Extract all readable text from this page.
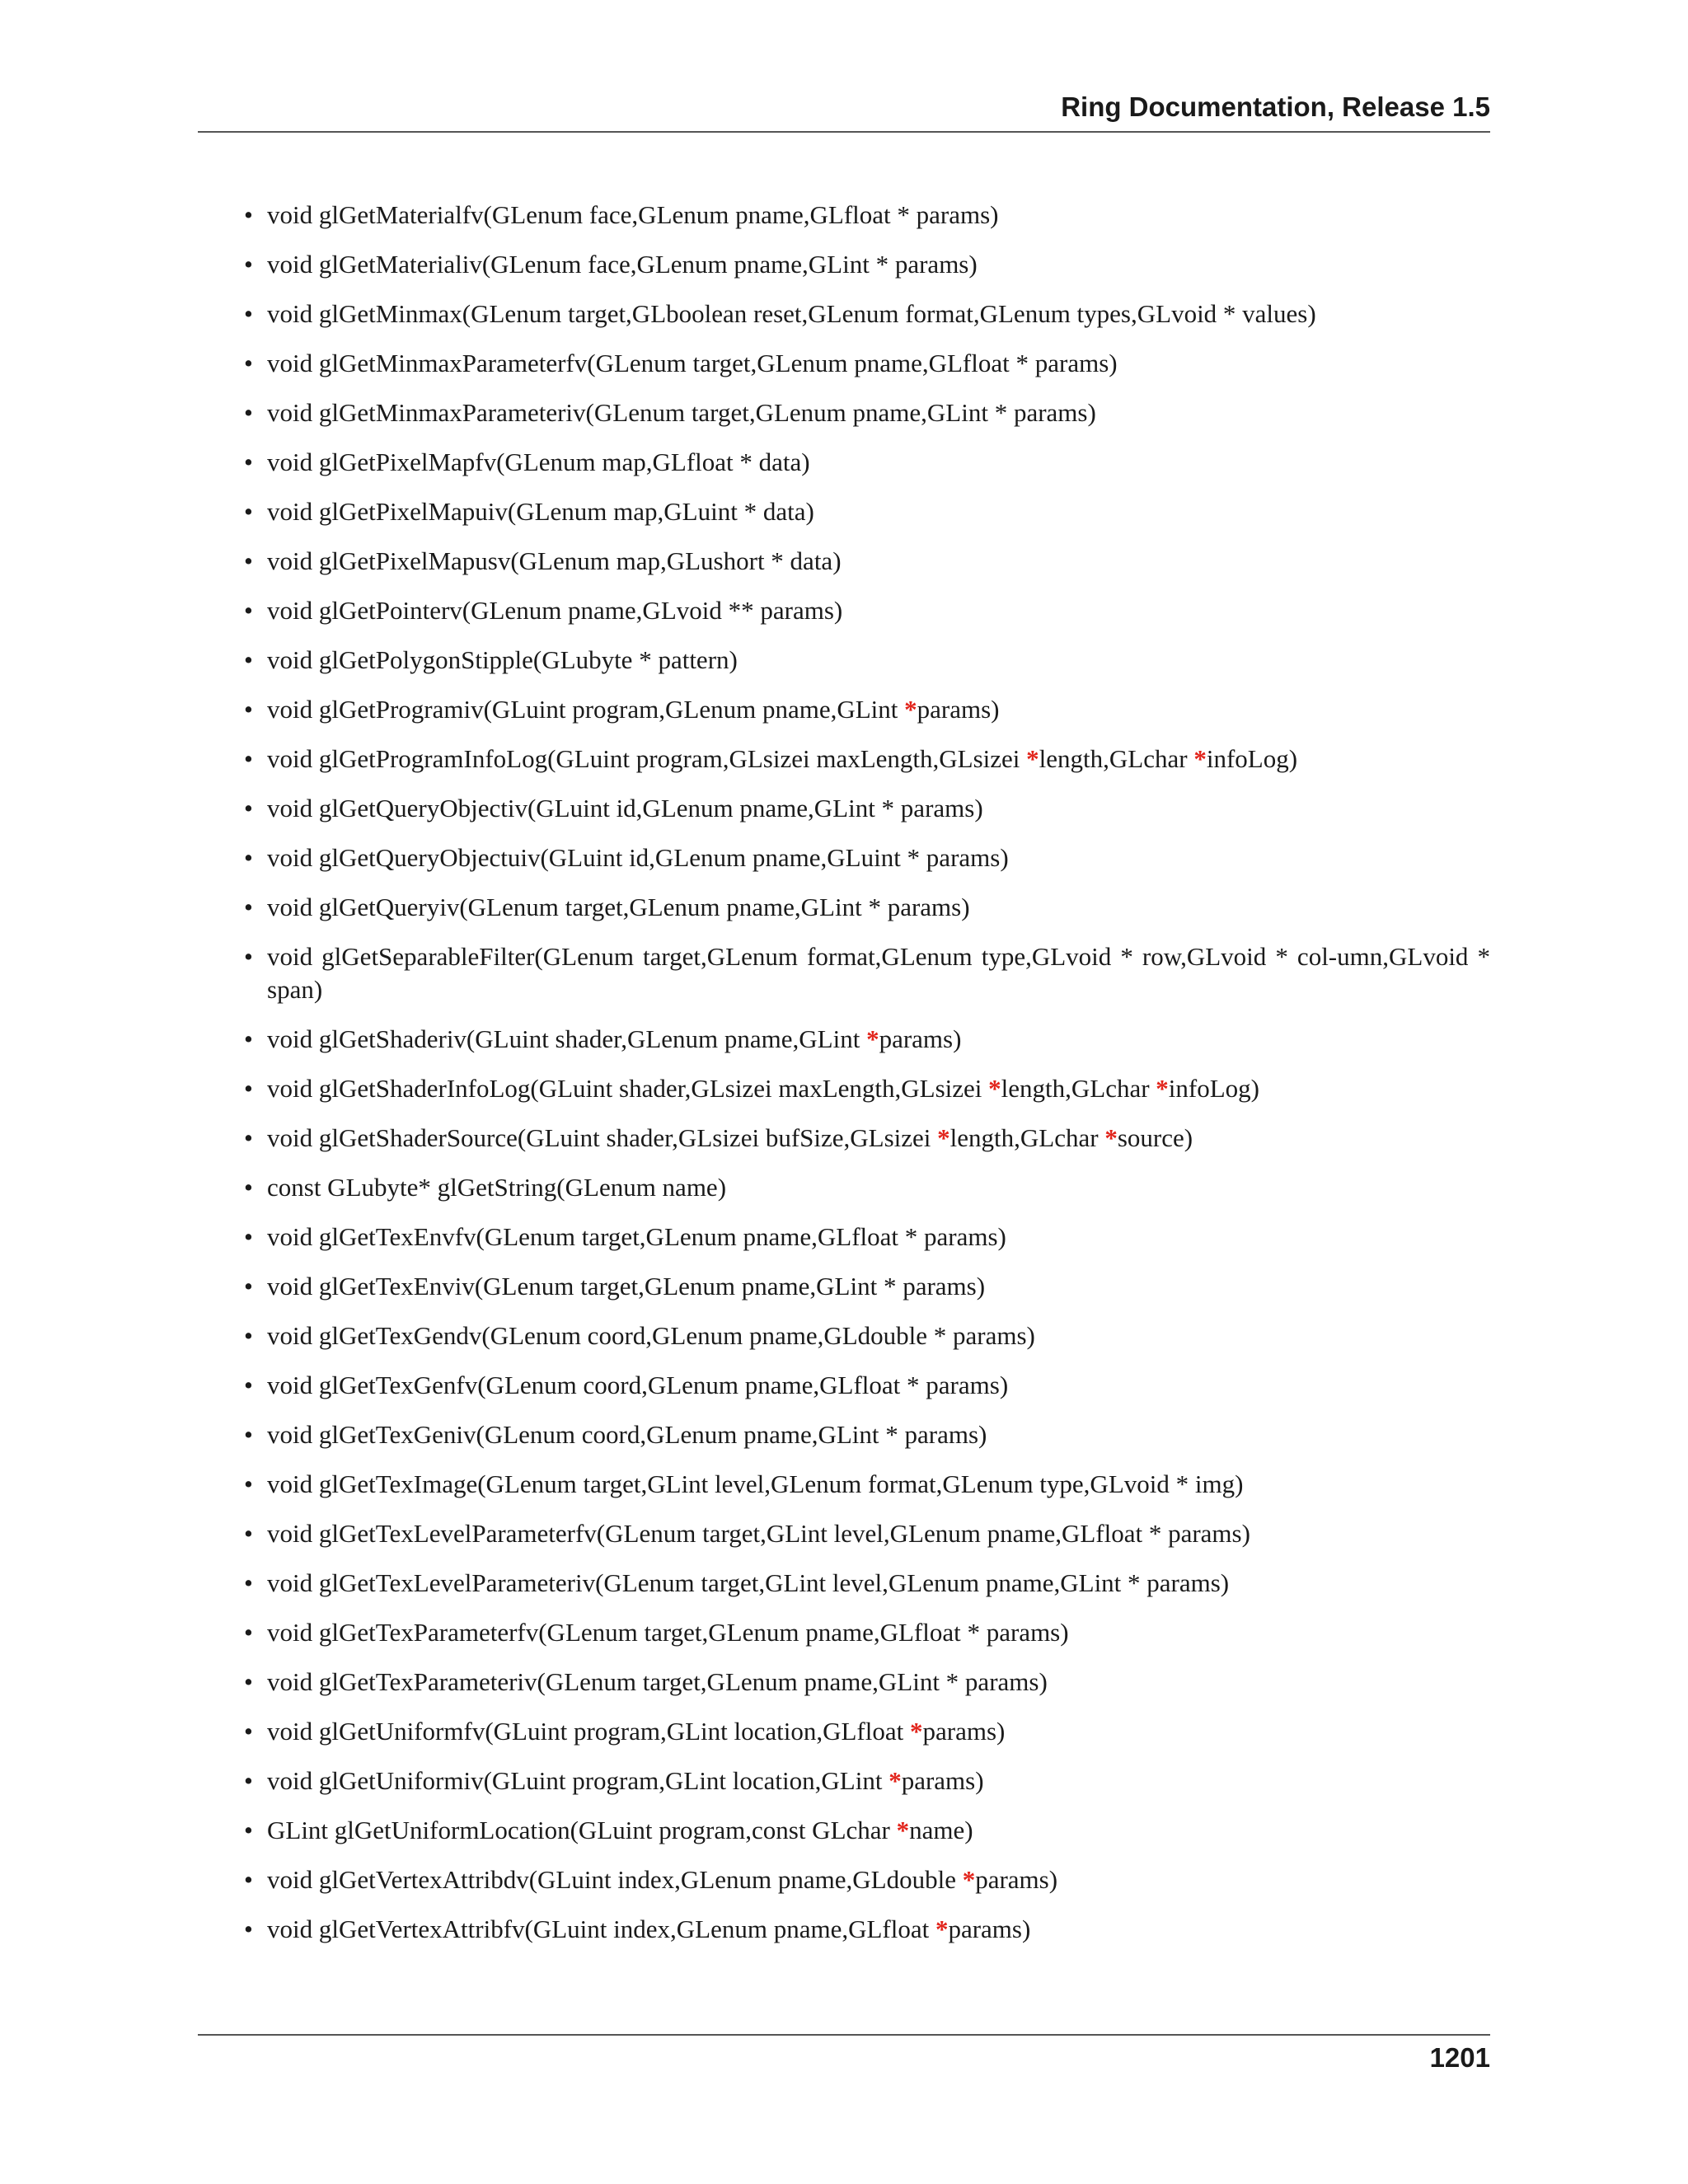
Ring Documentation, Release 1.5
• void glGetMaterialfv(GLenum face,GLenum pname,GLfloat * params)
• void glGetMaterialiv(GLenum face,GLenum pname,GLint * params)
• void glGetMinmax(GLenum target,GLboolean reset,GLenum format,GLenum types,GLvoid * values)
• void glGetMinmaxParameterfv(GLenum target,GLenum pname,GLfloat * params)
• void glGetMinmaxParameteriv(GLenum target,GLenum pname,GLint * params)
• void glGetPixelMapfv(GLenum map,GLfloat * data)
• void glGetPixelMapuiv(GLenum map,GLuint * data)
• void glGetPixelMapusv(GLenum map,GLushort * data)
• void glGetPointerv(GLenum pname,GLvoid ** params)
• void glGetPolygonStipple(GLubyte * pattern)
• void glGetProgramiv(GLuint program,GLenum pname,GLint *params)
• void glGetProgramInfoLog(GLuint program,GLsizei maxLength,GLsizei *length,GLchar *infoLog)
• void glGetQueryObjectiv(GLuint id,GLenum pname,GLint * params)
• void glGetQueryObjectuiv(GLuint id,GLenum pname,GLuint * params)
• void glGetQueryiv(GLenum target,GLenum pname,GLint * params)
• void glGetSeparableFilter(GLenum target,GLenum format,GLenum type,GLvoid * row,GLvoid * col-umn,GLvoid * span)
• void glGetShaderiv(GLuint shader,GLenum pname,GLint *params)
• void glGetShaderInfoLog(GLuint shader,GLsizei maxLength,GLsizei *length,GLchar *infoLog)
• void glGetShaderSource(GLuint shader,GLsizei bufSize,GLsizei *length,GLchar *source)
• const GLubyte* glGetString(GLenum name)
• void glGetTexEnvfv(GLenum target,GLenum pname,GLfloat * params)
• void glGetTexEnviv(GLenum target,GLenum pname,GLint * params)
• void glGetTexGendv(GLenum coord,GLenum pname,GLdouble * params)
• void glGetTexGenfv(GLenum coord,GLenum pname,GLfloat * params)
• void glGetTexGeniv(GLenum coord,GLenum pname,GLint * params)
• void glGetTexImage(GLenum target,GLint level,GLenum format,GLenum type,GLvoid * img)
• void glGetTexLevelParameterfv(GLenum target,GLint level,GLenum pname,GLfloat * params)
• void glGetTexLevelParameteriv(GLenum target,GLint level,GLenum pname,GLint * params)
• void glGetTexParameterfv(GLenum target,GLenum pname,GLfloat * params)
• void glGetTexParameteriv(GLenum target,GLenum pname,GLint * params)
• void glGetUniformfv(GLuint program,GLint location,GLfloat *params)
• void glGetUniformiv(GLuint program,GLint location,GLint *params)
• GLint glGetUniformLocation(GLuint program,const GLchar *name)
• void glGetVertexAttribdv(GLuint index,GLenum pname,GLdouble *params)
• void glGetVertexAttribfv(GLuint index,GLenum pname,GLfloat *params)
1201
